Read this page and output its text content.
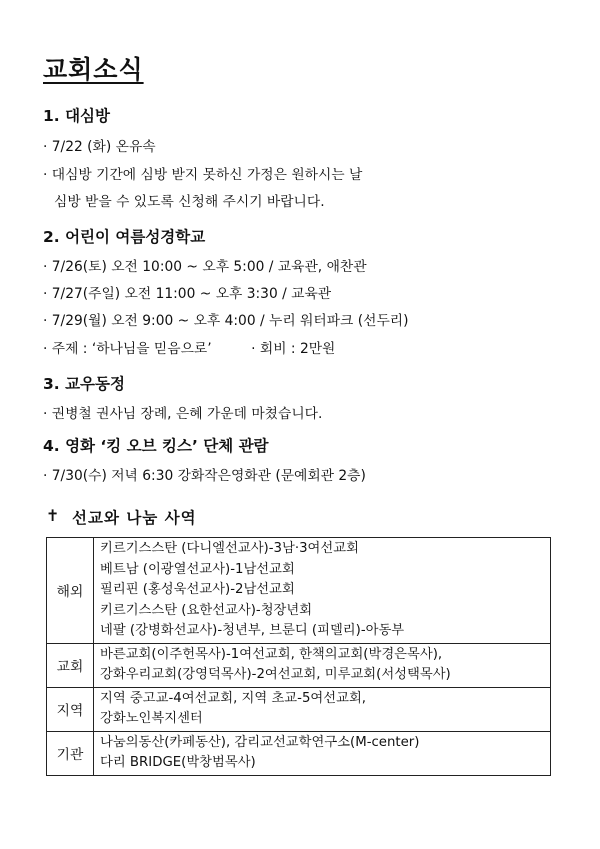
교회소식
1. 대심방
· 7/22 (화) 온유속
· 대심방 기간에 심방 받지 못하신 가정은 원하시는 날
심방 받을 수 있도록 신청해 주시기 바랍니다.
2. 어린이 여름성경학교
· 7/26(토) 오전 10:00 ~ 오후 5:00 / 교육관, 애찬관
· 7/27(주일) 오전 11:00 ~ 오후 3:30 / 교육관
· 7/29(월) 오전 9:00 ~ 오후 4:00 / 누리 워터파크 (선두리)
· 주제 : ‘하나님을 믿음으로’         · 회비 : 2만원
3. 교우동정
· 권병철 권사님 장례, 은혜 가운데 마쳤습니다.
4. 영화 ‘킹 오브 킹스’ 단체 관람
· 7/30(수) 저녁 6:30 강화작은영화관 (문예회관 2층)
✝ 선교와 나눔 사역
해외	키르기스스탄 (다니엘선교사)-3남·3여선교회
베트남 (이광열선교사)-1남선교회
필리핀 (홍성욱선교사)-2남선교회
키르기스스탄 (요한선교사)-청장년회
네팔 (강병화선교사)-청년부, 브룬디 (피델리)-아동부

교회	바른교회(이주헌목사)-1여선교회, 한책의교회(박경은목사),
강화우리교회(강영덕목사)-2여선교회, 미루교회(서성택목사)

지역	지역 중고교-4여선교회, 지역 초교-5여선교회,
강화노인복지센터

기관	나눔의동산(카페동산), 감리교선교학연구소(M-center)
다리 BRIDGE(박창범목사)
